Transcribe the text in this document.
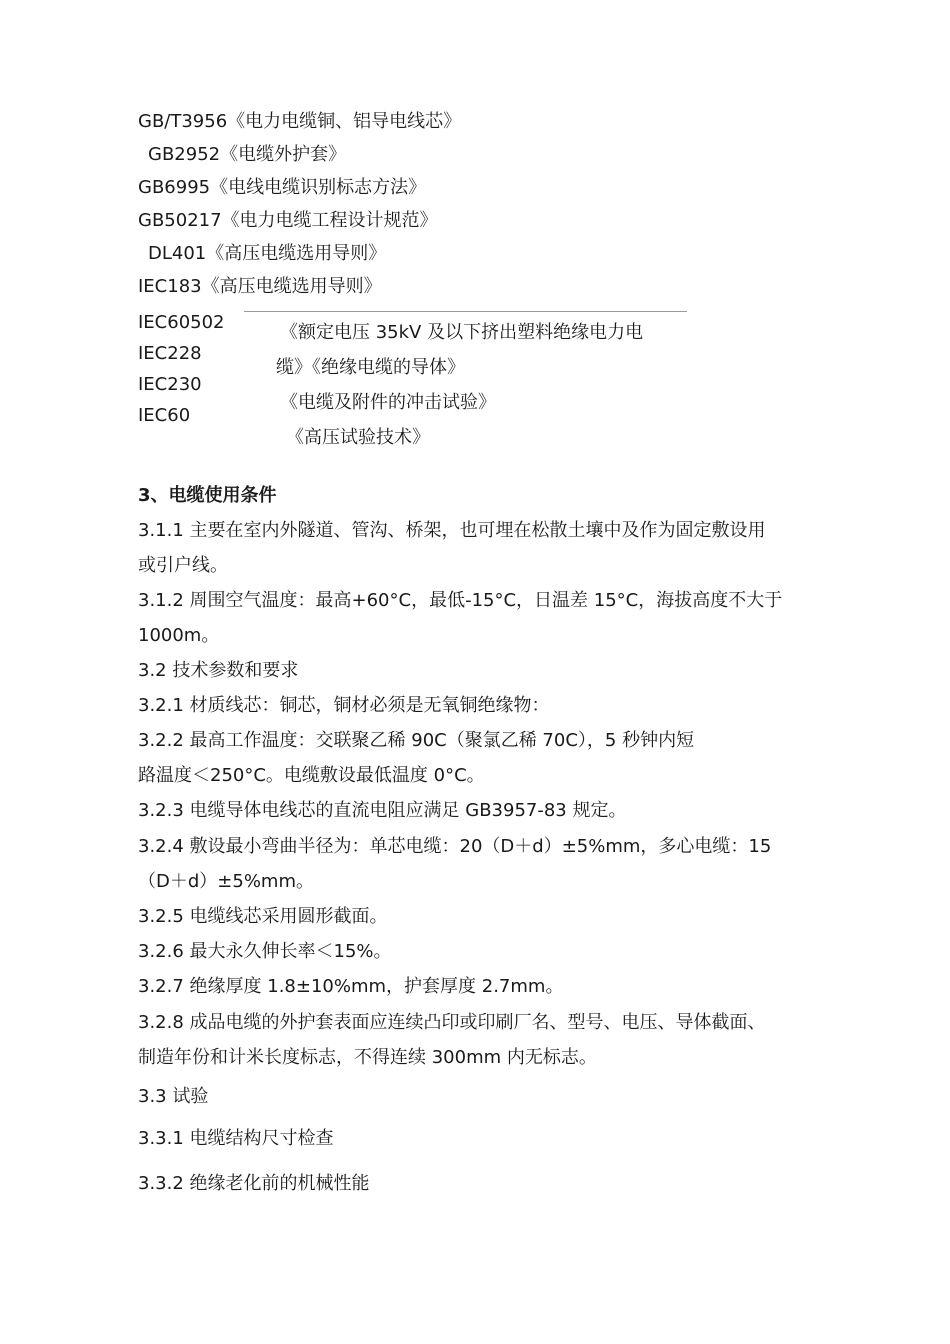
GB/T3956《电力电缆铜、铝导电线芯》
GB2952《电缆外护套》
GB6995《电线电缆识别标志方法》
GB50217《电力电缆工程设计规范》
DL401《高压电缆选用导则》
IEC183《高压电缆选用导则》
IEC60502
IEC228
IEC230
IEC60
《额定电压 35kV 及以下挤出塑料绝缘电力电
缆》《绝缘电缆的导体》
《电缆及附件的冲击试验》
《高压试验技术》
3、电缆使用条件
3.1.1 主要在室内外隧道、管沟、桥架，也可埋在松散土壤中及作为固定敷设用
或引户线。
3.1.2 周围空气温度：最高+60°C，最低-15°C，日温差 15°C，海拔高度不大于
1000m。
3.2 技术参数和要求
3.2.1 材质线芯：铜芯，铜材必须是无氧铜绝缘物：
3.2.2 最高工作温度：交联聚乙稀 90C（聚氯乙稀 70C），5 秒钟内短
路温度＜250°C。电缆敷设最低温度 0°C。
3.2.3 电缆导体电线芯的直流电阻应满足 GB3957-83 规定。
3.2.4 敷设最小弯曲半径为：单芯电缆：20（D＋d）±5%mm，多心电缆：15
（D＋d）±5%mm。
3.2.5 电缆线芯采用圆形截面。
3.2.6 最大永久伸长率＜15%。
3.2.7 绝缘厚度 1.8±10%mm，护套厚度 2.7mm。
3.2.8 成品电缆的外护套表面应连续凸印或印刷厂名、型号、电压、导体截面、
制造年份和计米长度标志，不得连续 300mm 内无标志。
3.3 试验
3.3.1 电缆结构尺寸检查
3.3.2 绝缘老化前的机械性能
